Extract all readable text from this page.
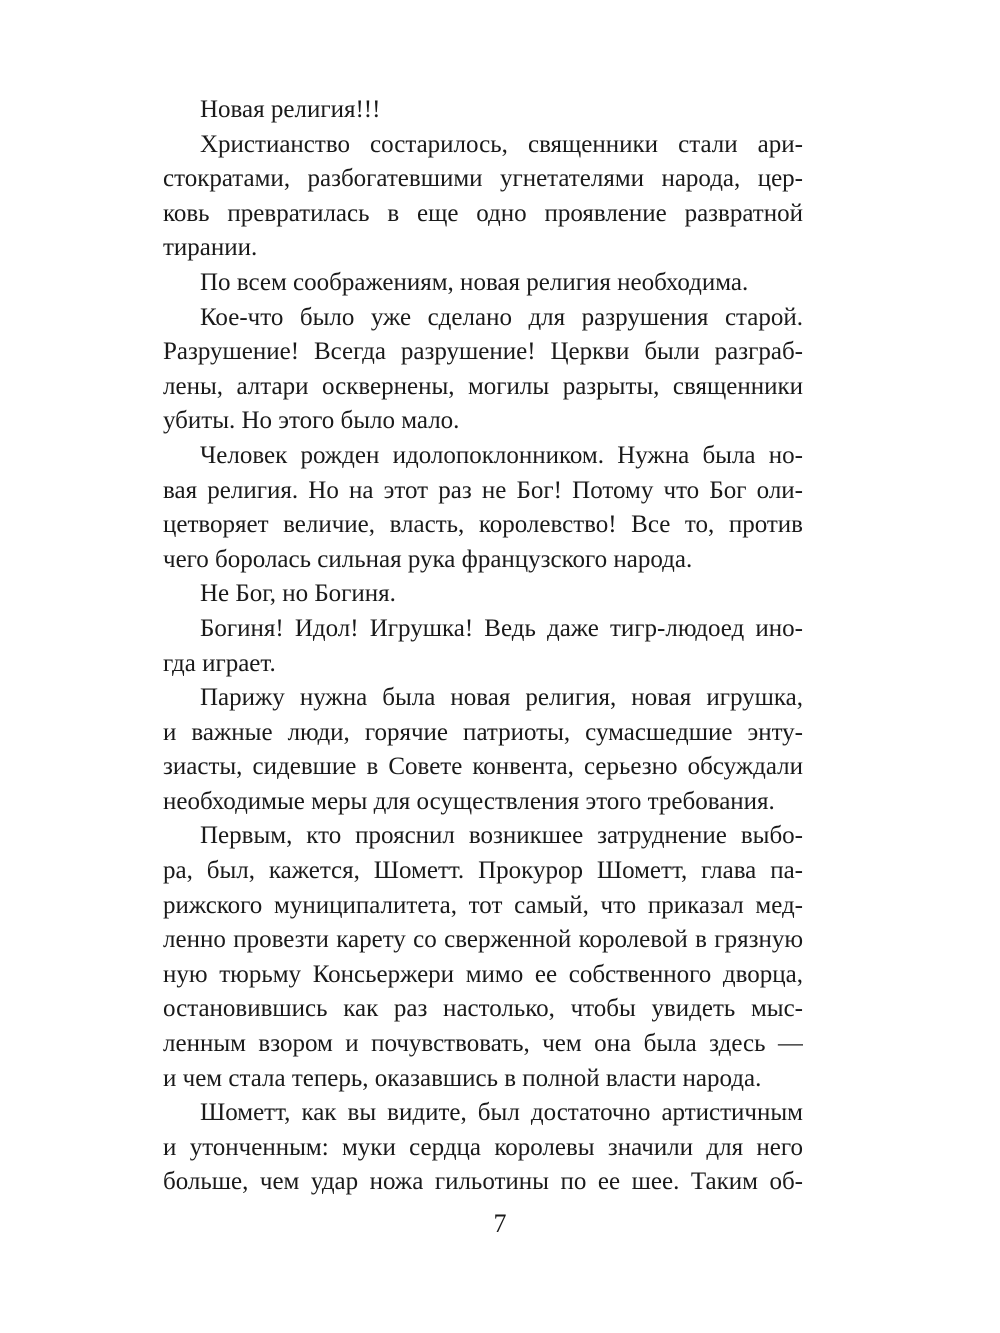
Новая религия!!!
Христианство состарилось, священники стали ари-
стократами, разбогатевшими угнетателями народа, цер-
ковь превратилась в еще одно проявление развратной
тирании.
По всем соображениям, новая религия необходима.
Кое-что было уже сделано для разрушения старой.
Разрушение! Всегда разрушение! Церкви были разграб-
лены, алтари осквернены, могилы разрыты, священники
убиты. Но этого было мало.
Человек рожден идолопоклонником. Нужна была но-
вая религия. Но на этот раз не Бог! Потому что Бог оли-
цетворяет величие, власть, королевство! Все то, против
чего боролась сильная рука французского народа.
Не Бог, но Богиня.
Богиня! Идол! Игрушка! Ведь даже тигр-людоед ино-
гда играет.
Парижу нужна была новая религия, новая игрушка,
и важные люди, горячие патриоты, сумасшедшие энту-
зиасты, сидевшие в Совете конвента, серьезно обсуждали
необходимые меры для осуществления этого требования.
Первым, кто прояснил возникшее затруднение выбо-
ра, был, кажется, Шометт. Прокурор Шометт, глава па-
рижского муниципалитета, тот самый, что приказал мед-
ленно провезти карету со сверженной королевой в грязную
ную тюрьму Консьержери мимо ее собственного дворца,
остановившись как раз настолько, чтобы увидеть мыс-
ленным взором и почувствовать, чем она была здесь —
и чем стала теперь, оказавшись в полной власти народа.
Шометт, как вы видите, был достаточно артистичным
и утонченным: муки сердца королевы значили для него
больше, чем удар ножа гильотины по ее шее. Таким об-
7
